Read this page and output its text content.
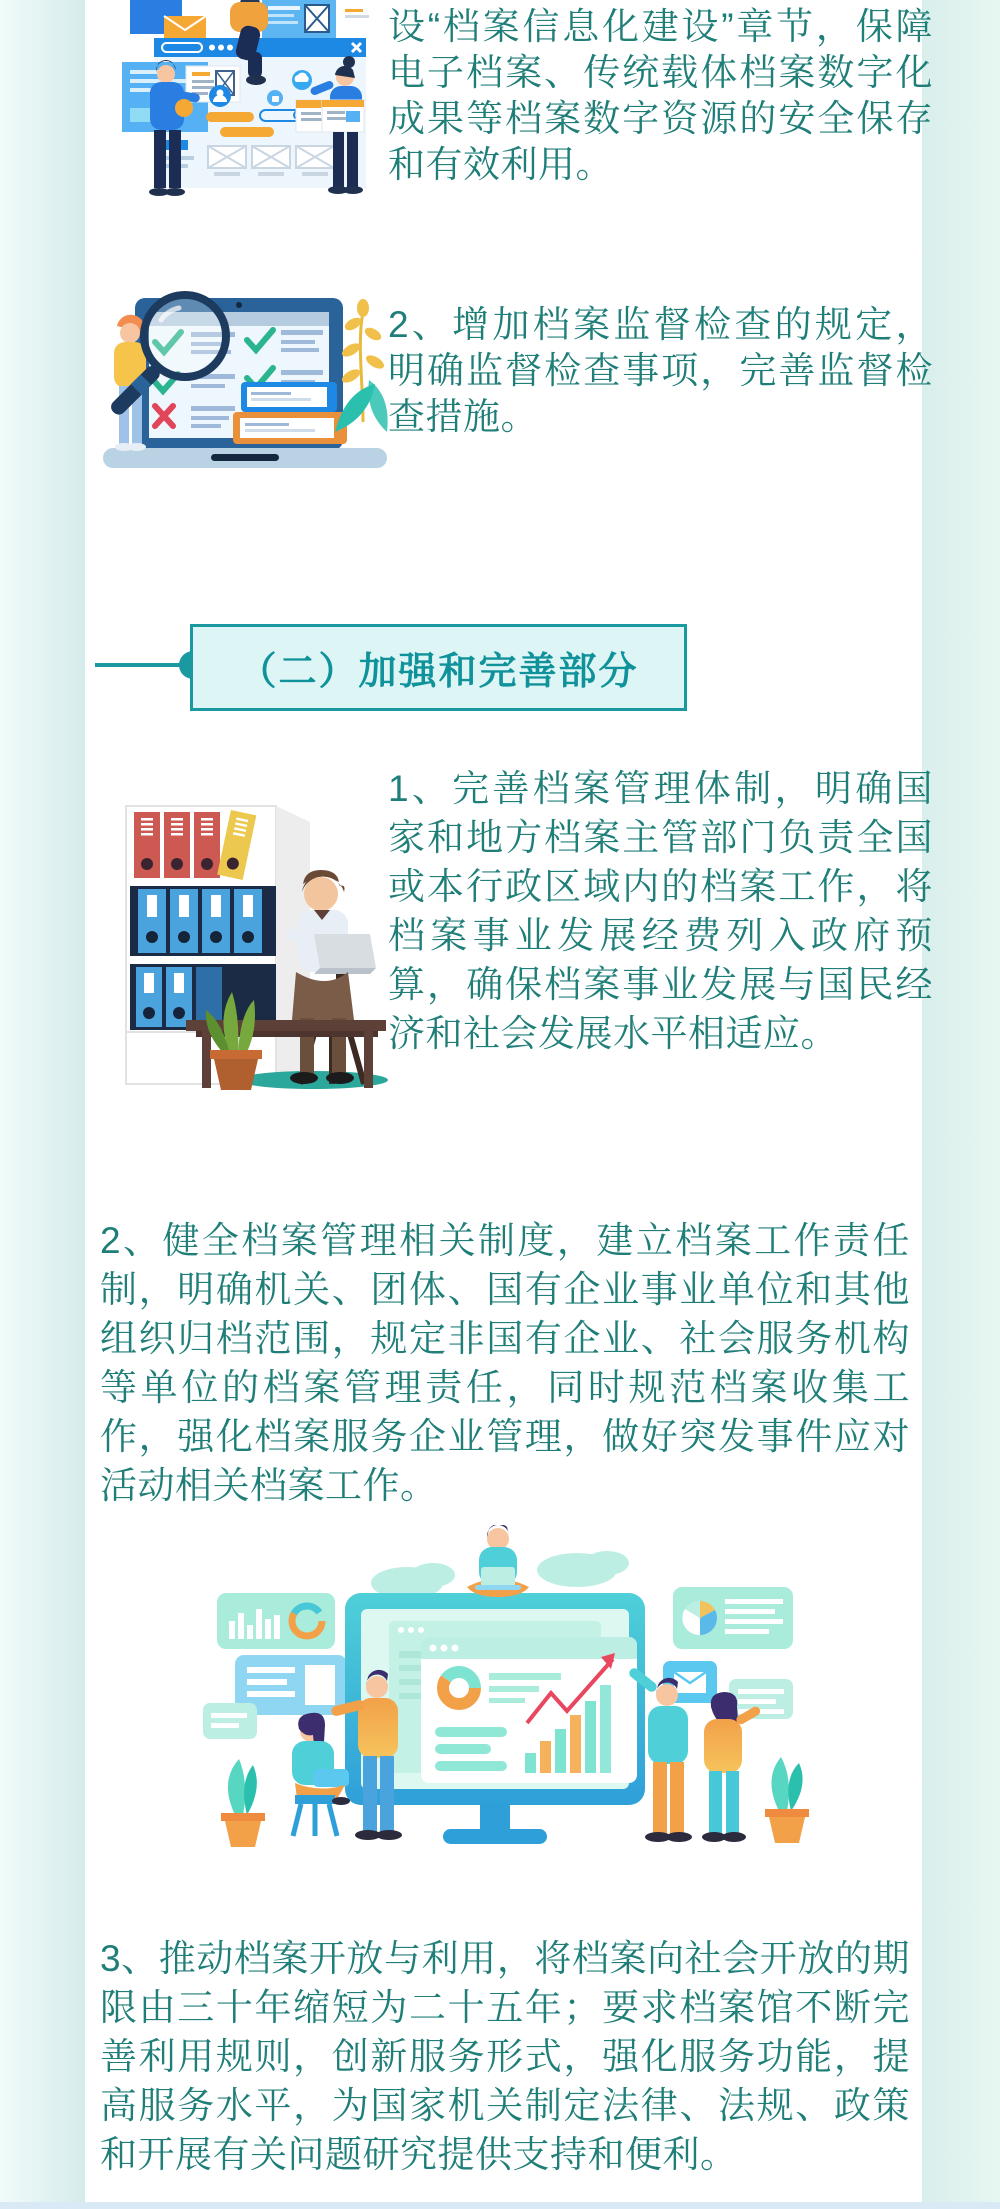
设“档案信息化建设”章节，保障电子档案、传统载体档案数字化成果等档案数字资源的安全保存和有效利用。
2、增加档案监督检查的规定，明确监督检查事项，完善监督检查措施。
（二）加强和完善部分
1、完善档案管理体制，明确国家和地方档案主管部门负责全国或本行政区域内的档案工作，将档案事业发展经费列入政府预算，确保档案事业发展与国民经济和社会发展水平相适应。
2、健全档案管理相关制度，建立档案工作责任制，明确机关、团体、国有企业事业单位和其他组织归档范围，规定非国有企业、社会服务机构等单位的档案管理责任，同时规范档案收集工作，强化档案服务企业管理，做好突发事件应对活动相关档案工作。
3、推动档案开放与利用，将档案向社会开放的期限由三十年缩短为二十五年；要求档案馆不断完善利用规则，创新服务形式，强化服务功能，提高服务水平，为国家机关制定法律、法规、政策和开展有关问题研究提供支持和便利。
